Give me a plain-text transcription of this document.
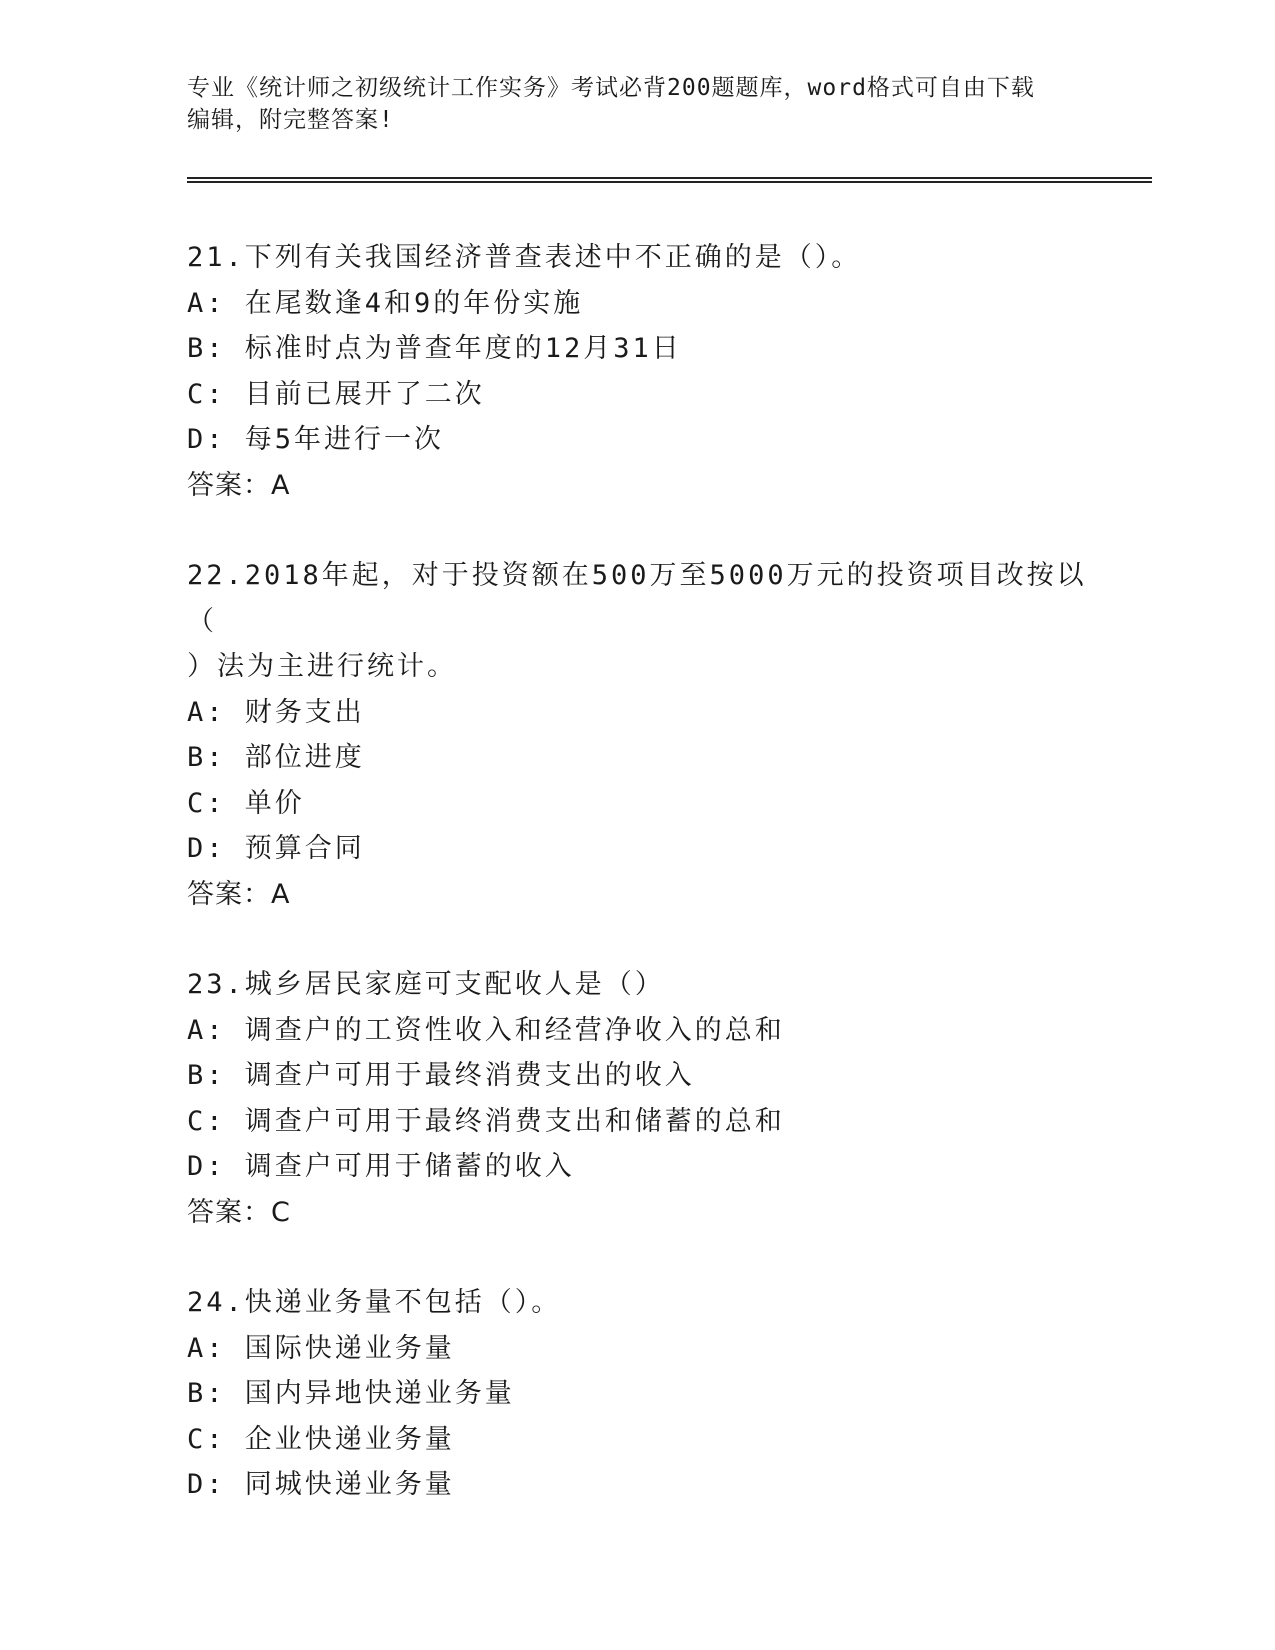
专业《统计师之初级统计工作实务》考试必背200题题库，word格式可自由下载
编辑，附完整答案!

21.下列有关我国经济普查表述中不正确的是（）。

A: 在尾数逢4和9的年份实施

B: 标准时点为普查年度的12月31日

C: 目前已展开了二次

D: 每5年进行一次

答案：A

22.2018年起，对于投资额在500万至5000万元的投资项目改按以（

）法为主进行统计。

A: 财务支出

B: 部位进度

C: 单价

D: 预算合同

答案：A

23.城乡居民家庭可支配收人是（）

A: 调查户的工资性收入和经营净收入的总和

B: 调查户可用于最终消费支出的收入

C: 调查户可用于最终消费支出和储蓄的总和

D: 调查户可用于储蓄的收入

答案：C

24.快递业务量不包括（）。

A: 国际快递业务量

B: 国内异地快递业务量

C: 企业快递业务量

D: 同城快递业务量
